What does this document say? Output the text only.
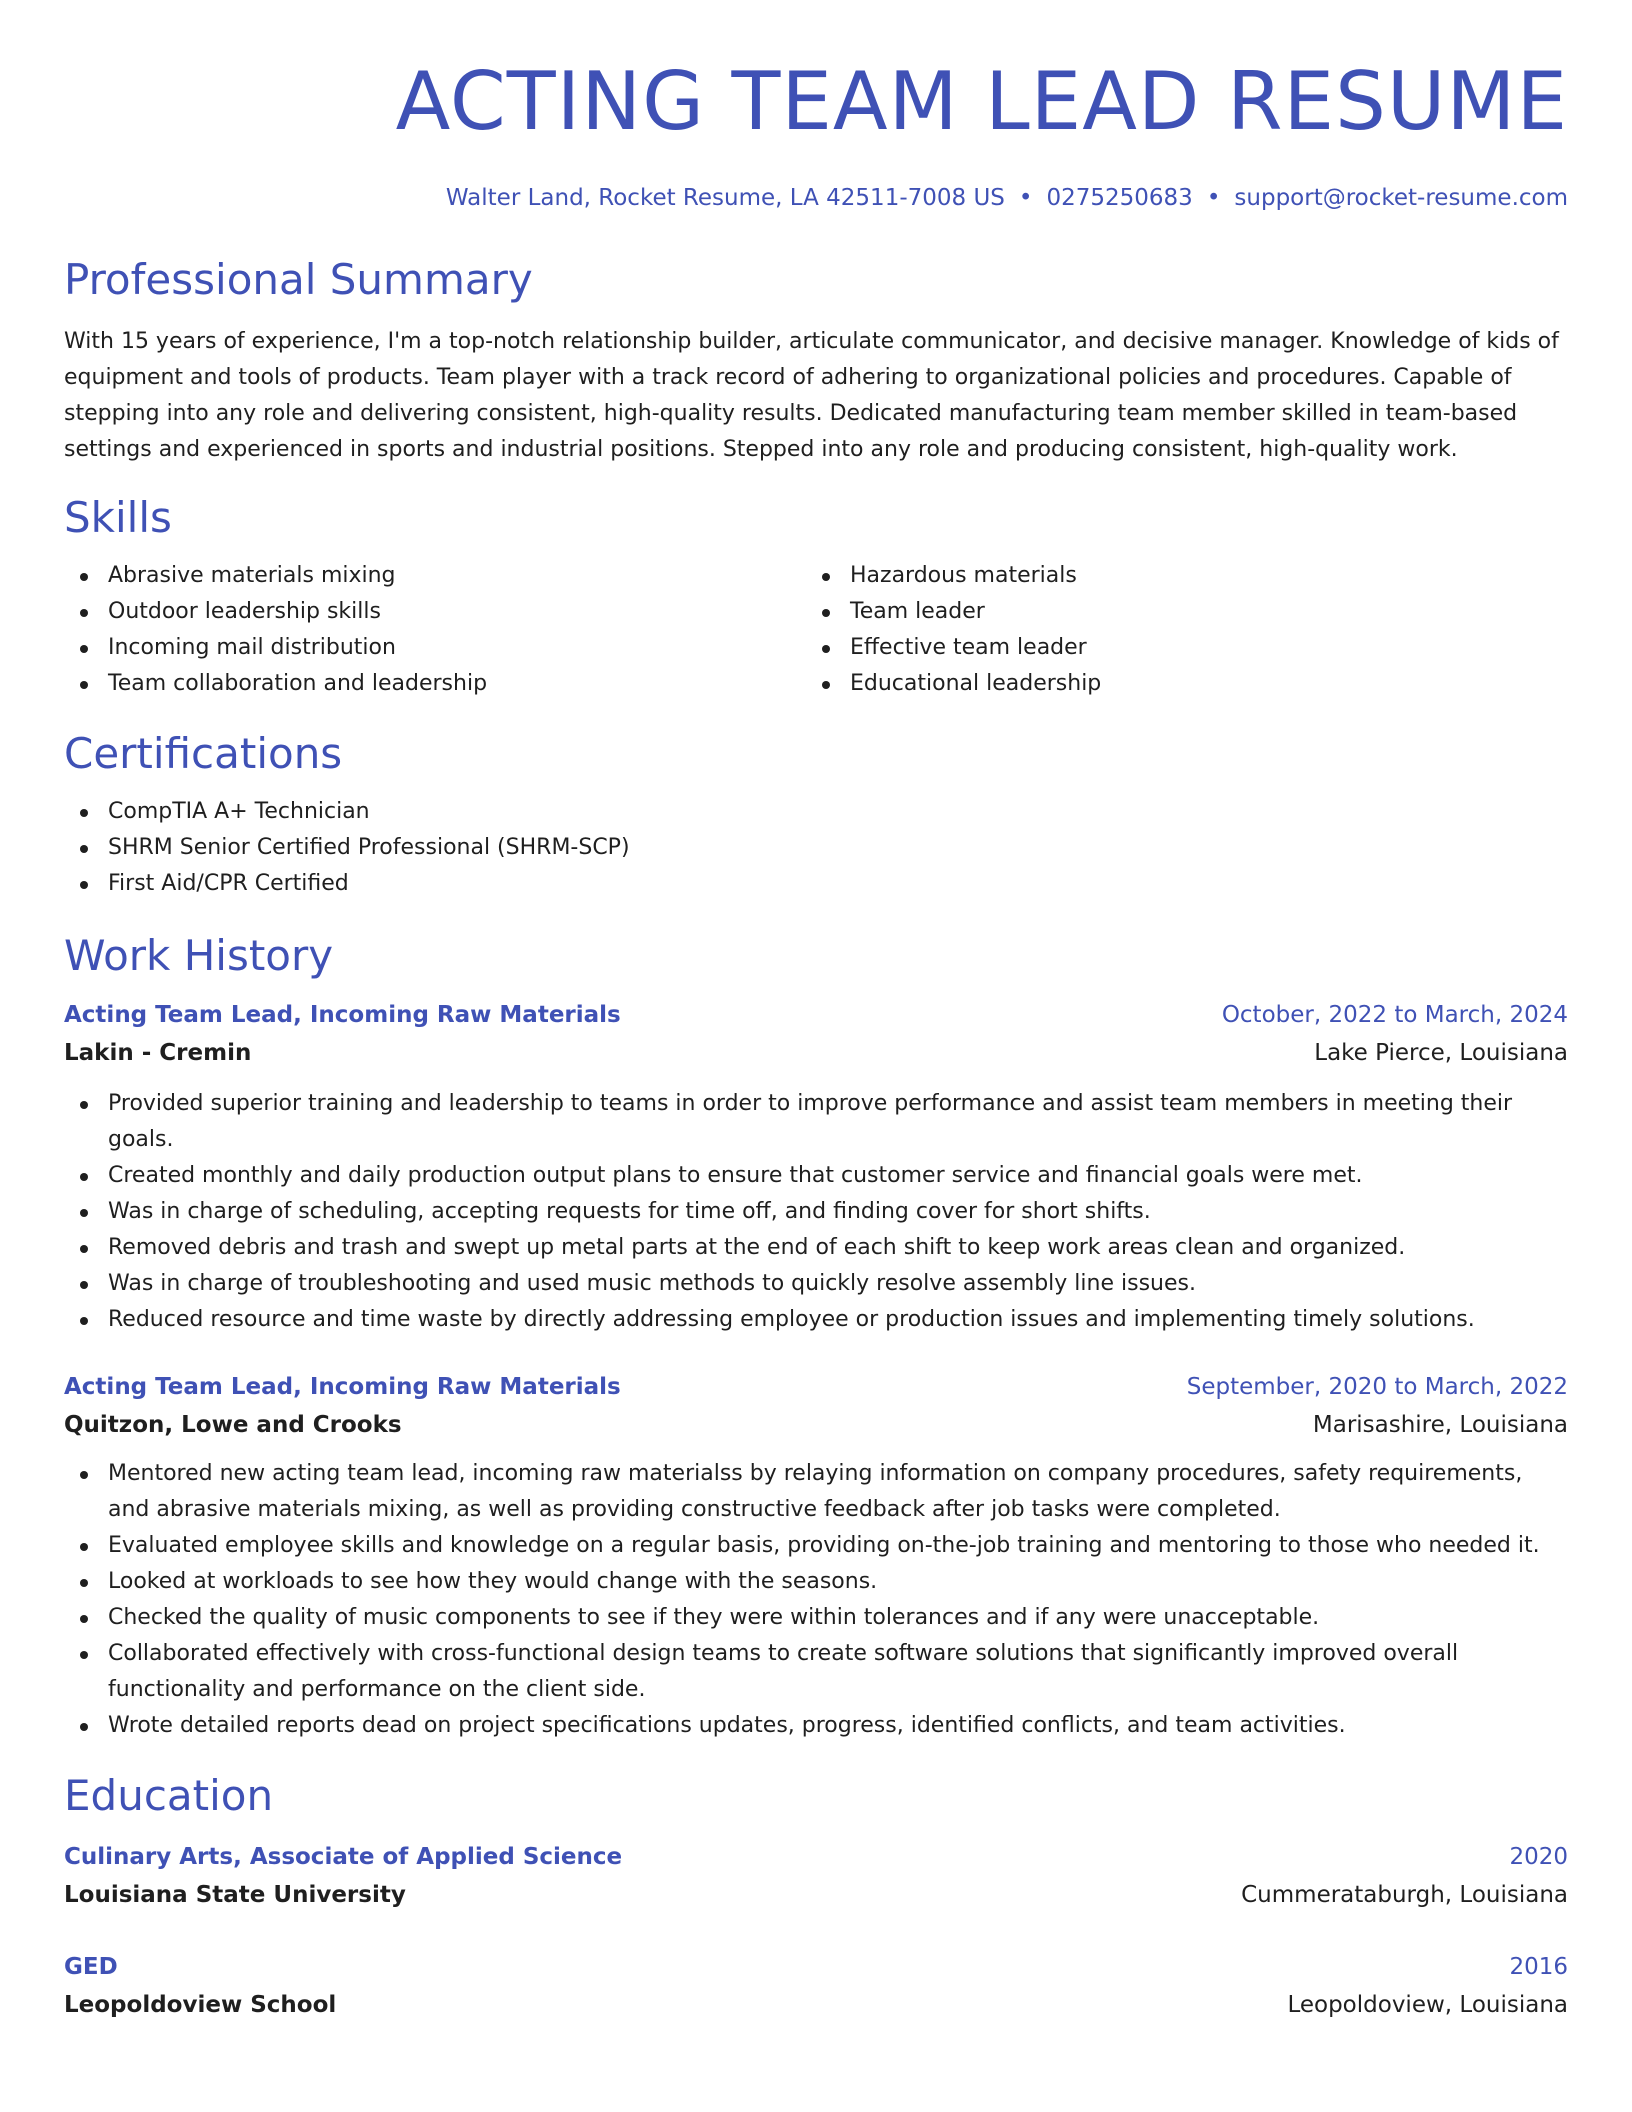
ACTING TEAM LEAD RESUME
Walter Land, Rocket Resume, LA 42511-7008 US • 0275250683 • support@rocket-resume.com
Professional Summary

With 15 years of experience, I'm a top-notch relationship builder, articulate communicator, and decisive manager. Knowledge of kids of equipment and tools of products. Team player with a track record of adhering to organizational policies and procedures. Capable of stepping into any role and delivering consistent, high-quality results. Dedicated manufacturing team member skilled in team-based settings and experienced in sports and industrial positions. Stepped into any role and producing consistent, high-quality work.

Skills
Abrasive materials mixing
Outdoor leadership skills
Incoming mail distribution
Team collaboration and leadership
Hazardous materials
Team leader
Effective team leader
Educational leadership
Certifications
CompTIA A+ Technician
SHRM Senior Certified Professional (SHRM-SCP)
First Aid/CPR Certified
Work History
Acting Team Lead, Incoming Raw Materials	October, 2022 to March, 2024
Lakin - Cremin	Lake Pierce, Louisiana
Provided superior training and leadership to teams in order to improve performance and assist team members in meeting their goals.
Created monthly and daily production output plans to ensure that customer service and financial goals were met.
Was in charge of scheduling, accepting requests for time off, and finding cover for short shifts.
Removed debris and trash and swept up metal parts at the end of each shift to keep work areas clean and organized.
Was in charge of troubleshooting and used music methods to quickly resolve assembly line issues.
Reduced resource and time waste by directly addressing employee or production issues and implementing timely solutions.
Acting Team Lead, Incoming Raw Materials	September, 2020 to March, 2022
Quitzon, Lowe and Crooks	Marisashire, Louisiana
Mentored new acting team lead, incoming raw materialss by relaying information on company procedures, safety requirements, and abrasive materials mixing, as well as providing constructive feedback after job tasks were completed.
Evaluated employee skills and knowledge on a regular basis, providing on-the-job training and mentoring to those who needed it.
Looked at workloads to see how they would change with the seasons.
Checked the quality of music components to see if they were within tolerances and if any were unacceptable.
Collaborated effectively with cross-functional design teams to create software solutions that significantly improved overall functionality and performance on the client side.
Wrote detailed reports dead on project specifications updates, progress, identified conflicts, and team activities.
Education
Culinary Arts, Associate of Applied Science	2020
Louisiana State University	Cummerataburgh, Louisiana
GED	2016
Leopoldoview School	Leopoldoview, Louisiana
